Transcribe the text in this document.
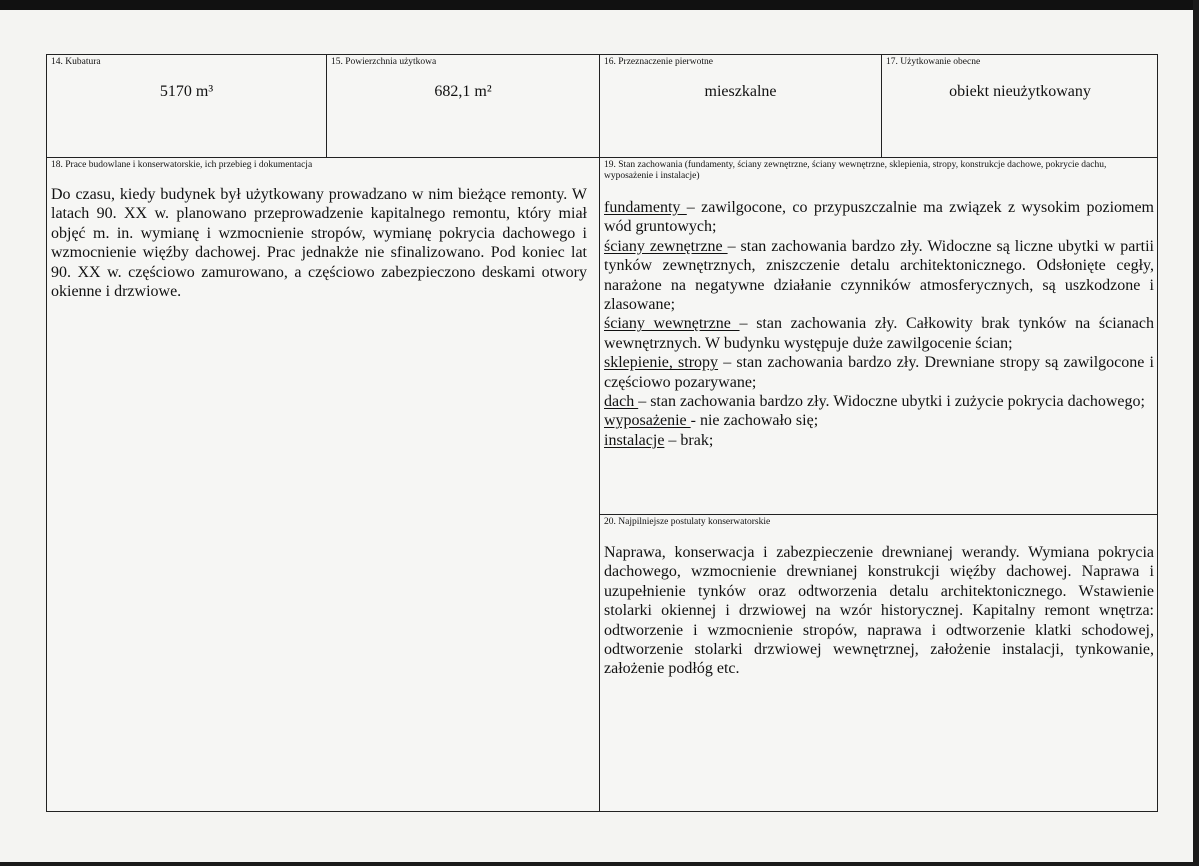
14. Kubatura
5170 m³
15. Powierzchnia użytkowa
682,1 m²
16. Przeznaczenie pierwotne
mieszkalne
17. Użytkowanie obecne
obiekt nieużytkowany
18. Prace budowlane i konserwatorskie, ich przebieg i dokumentacja
Do czasu, kiedy budynek był użytkowany prowadzano w nim bieżące remonty. W latach 90. XX w. planowano przeprowadzenie kapitalnego remontu, który miał objęć m. in. wymianę i wzmocnienie stropów, wymianę pokrycia dachowego i wzmocnienie więźby dachowej. Prac jednakże nie sfinalizowano. Pod koniec lat 90. XX w. częściowo zamurowano, a częściowo zabezpieczono deskami otwory okienne i drzwiowe.
19. Stan zachowania (fundamenty, ściany zewnętrzne, ściany wewnętrzne, sklepienia, stropy, konstrukcje dachowe, pokrycie dachu, wyposażenie i instalacje)

fundamenty – zawilgocone, co przypuszczalnie ma związek z wysokim poziomem wód gruntowych;

ściany zewnętrzne – stan zachowania bardzo zły. Widoczne są liczne ubytki w partii tynków zewnętrznych, zniszczenie detalu architektonicznego. Odsłonięte cegły, narażone na negatywne działanie czynników atmosferycznych, są uszkodzone i zlasowane;

ściany wewnętrzne – stan zachowania zły. Całkowity brak tynków na ścianach wewnętrznych. W budynku występuje duże zawilgocenie ścian;

sklepienie, stropy – stan zachowania bardzo zły. Drewniane stropy są zawilgocone i częściowo pozarywane;

dach – stan zachowania bardzo zły. Widoczne ubytki i zużycie pokrycia dachowego;

wyposażenie - nie zachowało się;

instalacje – brak;

20. Najpilniejsze postulaty konserwatorskie
Naprawa, konserwacja i zabezpieczenie drewnianej werandy. Wymiana pokrycia dachowego, wzmocnienie drewnianej konstrukcji więźby dachowej. Naprawa i uzupełnienie tynków oraz odtworzenia detalu architektonicznego. Wstawienie stolarki okiennej i drzwiowej na wzór historycznej. Kapitalny remont wnętrza: odtworzenie i wzmocnienie stropów, naprawa i odtworzenie klatki schodowej, odtworzenie stolarki drzwiowej wewnętrznej, założenie instalacji, tynkowanie, założenie podłóg etc.
